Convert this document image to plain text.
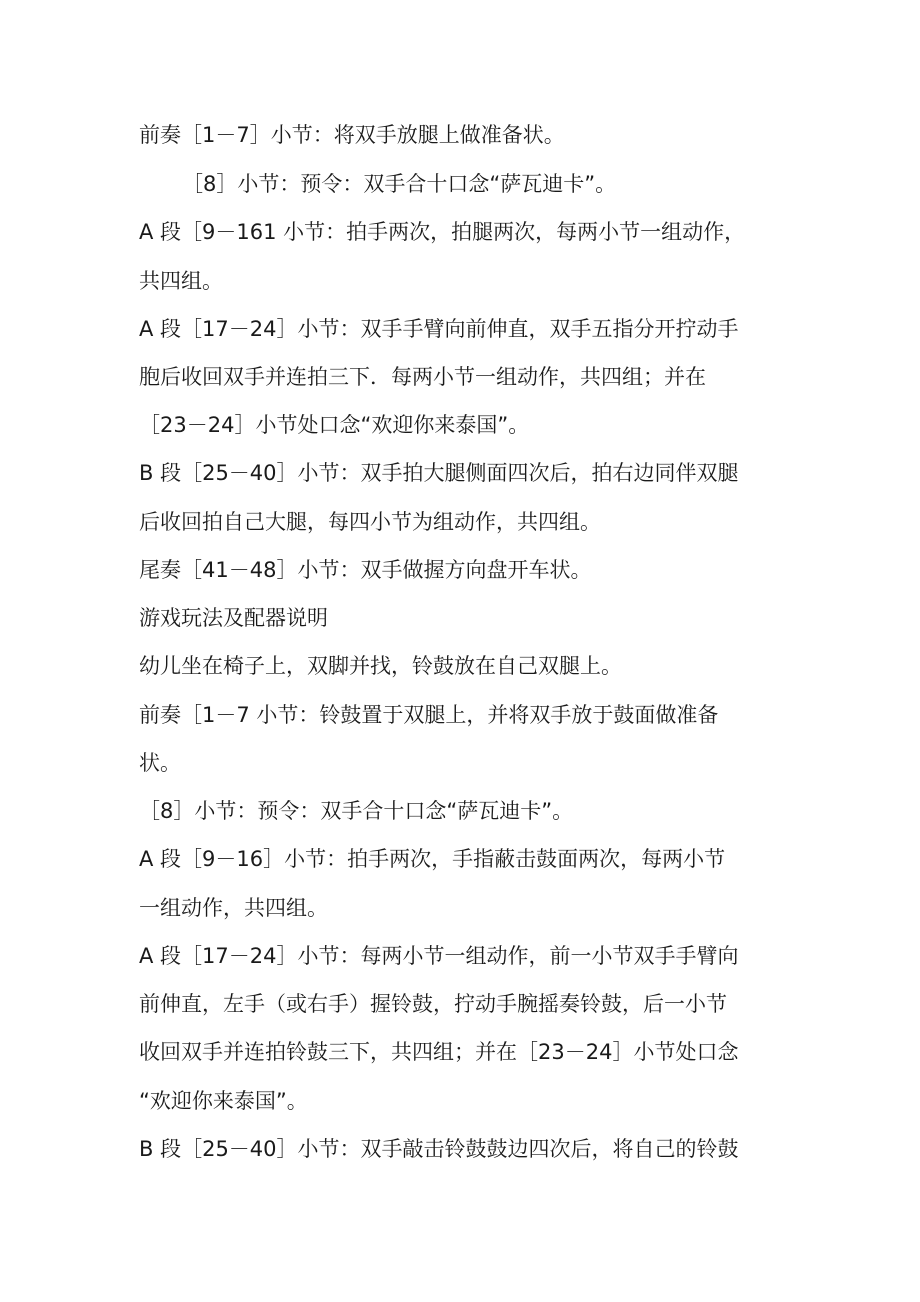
前奏［1－7］小节：将双手放腿上做准备状。
［8］小节：预令：双手合十口念“萨瓦迪卡”。
A 段［9－161 小节：拍手两次，拍腿两次，每两小节一组动作，
共四组。
A 段［17－24］小节：双手手臂向前伸直，双手五指分开拧动手
胞后收回双手并连拍三下．每两小节一组动作，共四组；并在
［23－24］小节处口念“欢迎你来泰国”。
B 段［25－40］小节：双手拍大腿侧面四次后，拍右边同伴双腿
后收回拍自己大腿，每四小节为组动作，共四组。
尾奏［41－48］小节：双手做握方向盘开车状。
游戏玩法及配器说明
幼儿坐在椅子上，双脚并找，铃鼓放在自己双腿上。
前奏［1－7 小节：铃鼓置于双腿上，并将双手放于鼓面做准备
状。
［8］小节：预令：双手合十口念“萨瓦迪卡”。
A 段［9－16］小节：拍手两次，手指蔽击鼓面两次，每两小节
一组动作，共四组。
A 段［17－24］小节：每两小节一组动作，前一小节双手手臂向
前伸直，左手（或右手）握铃鼓，拧动手腕摇奏铃鼓，后一小节
收回双手并连拍铃鼓三下，共四组；并在［23－24］小节处口念
“欢迎你来泰国”。
B 段［25－40］小节：双手敲击铃鼓鼓边四次后，将自己的铃鼓
